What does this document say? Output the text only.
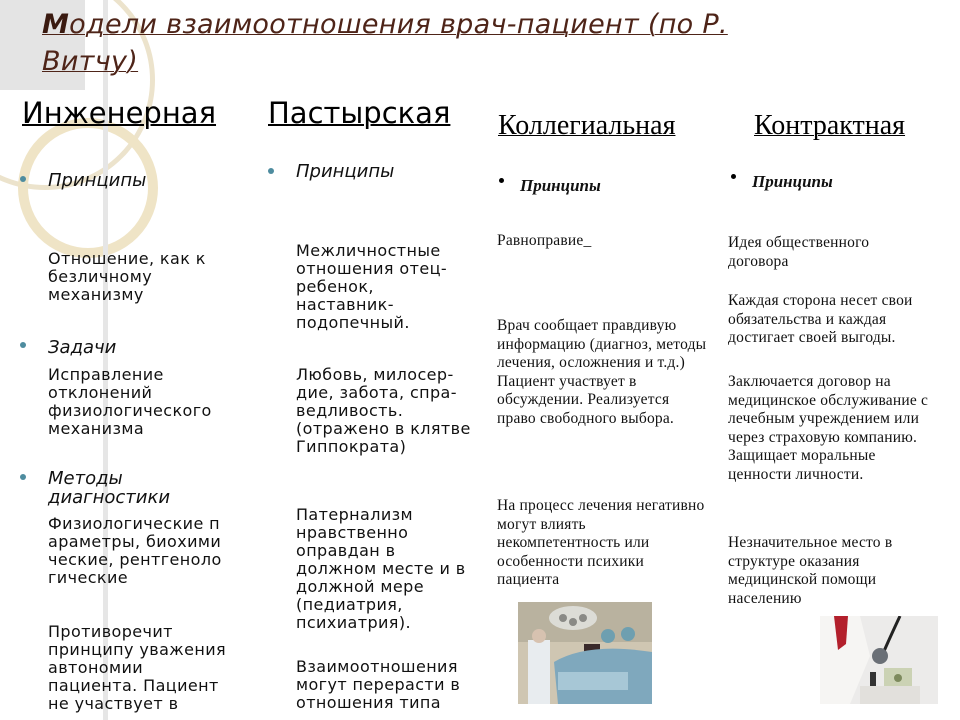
Модели взаимоотношения врач-пациент (по Р. Витчу)
Инженерная Пастырская Коллегиальная	Контрактная
Принципы
Отношение, как к безличному механизму
Задачи
Исправление отклонений физиологического механизма
Методы диагностики
Физиологические параметры, биохимические, рентгенологические
Противоречит принципу уважения автономии пациента. Пациент не участвует в
Принципы
Межличностные отношения отец-ребенок, наставник-подопечный.
Любовь, милосер-дие, забота, спра-ведливость. (отражено в клятве Гиппократа)
Патернализм нравственно оправдан в должном месте и в должной мере (педиатрия, психиатрия).
Взаимоотношения могут перерасти в отношения типа
Принципы
Равноправие_
Врач сообщает правдивую информацию (диагноз, методы лечения, осложнения и т.д.) Пациент участвует в обсуждении. Реализуется право свободного выбора.
На процесс лечения негативно могут влиять некомпетентность или особенности психики пациента
Принципы
Идея общественного договора
Каждая сторона несет свои обязательства и каждая достигает своей выгоды.
Заключается договор на медицинское обслуживание с лечебным учреждением или через страховую компанию. Защищает моральные ценности личности.
Незначительное место в структуре оказания медицинской помощи населению
